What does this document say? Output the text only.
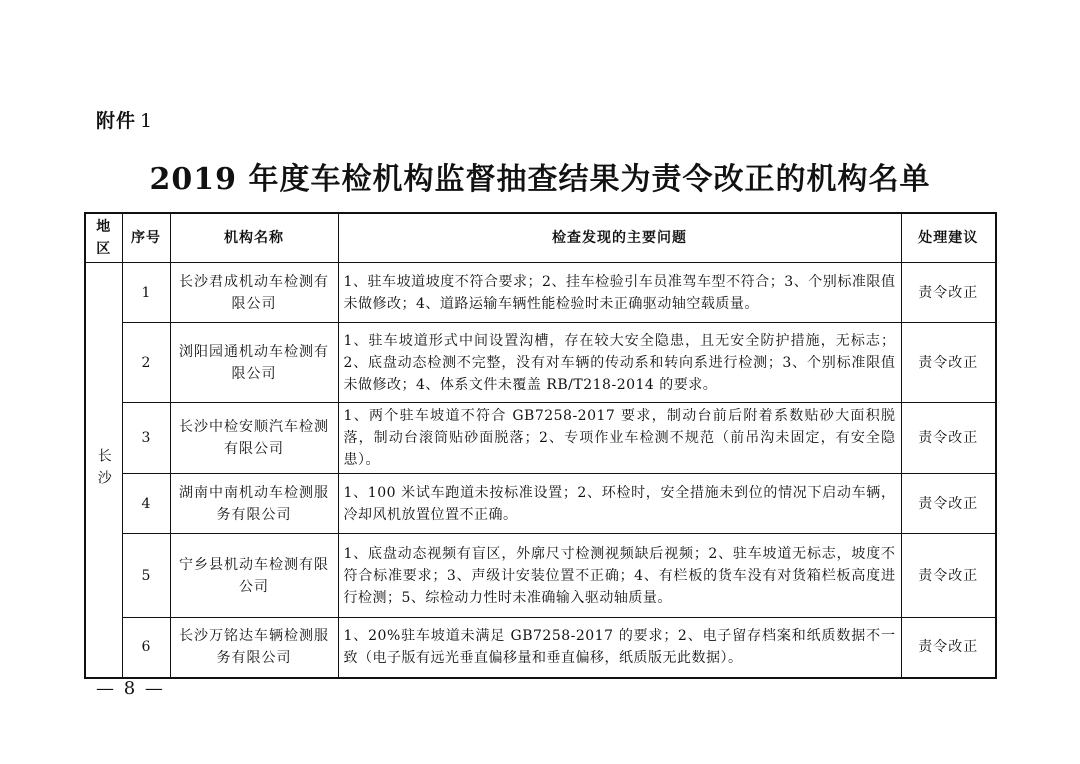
附件 1
2019 年度车检机构监督抽查结果为责令改正的机构名单
地区	序号	机构名称	检查发现的主要问题	处理建议
长沙	1	长沙君成机动车检测有限公司	1、驻车坡道坡度不符合要求；2、挂车检验引车员准驾车型不符合；3、个别标准限值未做修改；4、道路运输车辆性能检验时未正确驱动轴空载质量。	责令改正
	2	浏阳园通机动车检测有限公司	1、驻车坡道形式中间设置沟槽，存在较大安全隐患，且无安全防护措施，无标志；2、底盘动态检测不完整，没有对车辆的传动系和转向系进行检测；3、个别标准限值未做修改；4、体系文件未覆盖 RB/T218-2014 的要求。	责令改正
	3	长沙中检安顺汽车检测有限公司	1、两个驻车坡道不符合 GB7258-2017 要求，制动台前后附着系数贴砂大面积脱落，制动台滚筒贴砂面脱落；2、专项作业车检测不规范（前吊沟未固定，有安全隐患）。	责令改正
	4	湖南中南机动车检测服务有限公司	1、100 米试车跑道未按标准设置；2、环检时，安全措施未到位的情况下启动车辆，冷却风机放置位置不正确。	责令改正
	5	宁乡县机动车检测有限公司	1、底盘动态视频有盲区，外廓尺寸检测视频缺后视频；2、驻车坡道无标志，坡度不符合标准要求；3、声级计安装位置不正确；4、有栏板的货车没有对货箱栏板高度进行检测；5、综检动力性时未准确输入驱动轴质量。	责令改正
	6	长沙万铭达车辆检测服务有限公司	1、20%驻车坡道未满足 GB7258-2017 的要求；2、电子留存档案和纸质数据不一致（电子版有远光垂直偏移量和垂直偏移，纸质版无此数据）。	责令改正
— 8 —
